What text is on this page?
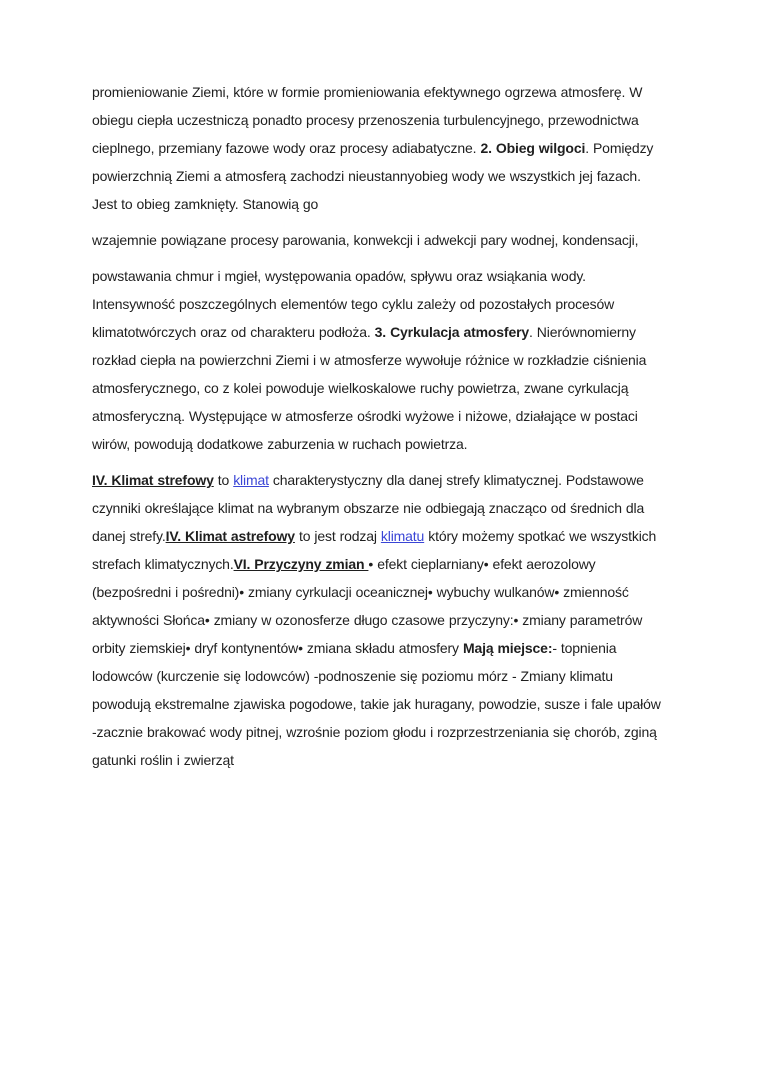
promieniowanie Ziemi, które w formie promieniowania efektywnego ogrzewa atmosferę. W obiegu ciepła uczestniczą ponadto procesy przenoszenia turbulencyjnego, przewodnictwa cieplnego, przemiany fazowe wody oraz procesy adiabatyczne. 2. Obieg wilgoci. Pomiędzy powierzchnią Ziemi a atmosferą zachodzi nieustannyobieg wody we wszystkich jej fazach. Jest to obieg zamknięty. Stanowią go

wzajemnie powiązane procesy parowania, konwekcji i adwekcji pary wodnej, kondensacji,

powstawania chmur i mgieł, występowania opadów, spływu oraz wsiąkania wody. Intensywność poszczególnych elementów tego cyklu zależy od pozostałych procesów klimatotwórczych oraz od charakteru podłoża. 3. Cyrkulacja atmosfery. Nierównomierny rozkład ciepła na powierzchni Ziemi i w atmosferze wywołuje różnice w rozkładzie ciśnienia atmosferycznego, co z kolei powoduje wielkoskalowe ruchy powietrza, zwane cyrkulacją atmosferyczną. Występujące w atmosferze ośrodki wyżowe i niżowe, działające w postaci wirów, powodują dodatkowe zaburzenia w ruchach powietrza.

IV. Klimat strefowy to klimat charakterystyczny dla danej strefy klimatycznej. Podstawowe czynniki określające klimat na wybranym obszarze nie odbiegają znacząco od średnich dla danej strefy.IV. Klimat astrefowy to jest rodzaj klimatu który możemy spotkać we wszystkich strefach klimatycznych.VI. Przyczyny zmian • efekt cieplarniany• efekt aerozolowy (bezpośredni i pośredni)• zmiany cyrkulacji oceanicznej• wybuchy wulkanów• zmienność aktywności Słońca• zmiany w ozonosferze długo czasowe przyczyny:• zmiany parametrów orbity ziemskiej• dryf kontynentów• zmiana składu atmosfery Mają miejsce:- topnienia lodowców (kurczenie się lodowców) -podnoszenie się poziomu mórz - Zmiany klimatu powodują ekstremalne zjawiska pogodowe, takie jak huragany, powodzie, susze i fale upałów -zacznie brakować wody pitnej, wzrośnie poziom głodu i rozprzestrzeniania się chorób, zginą gatunki roślin i zwierząt
